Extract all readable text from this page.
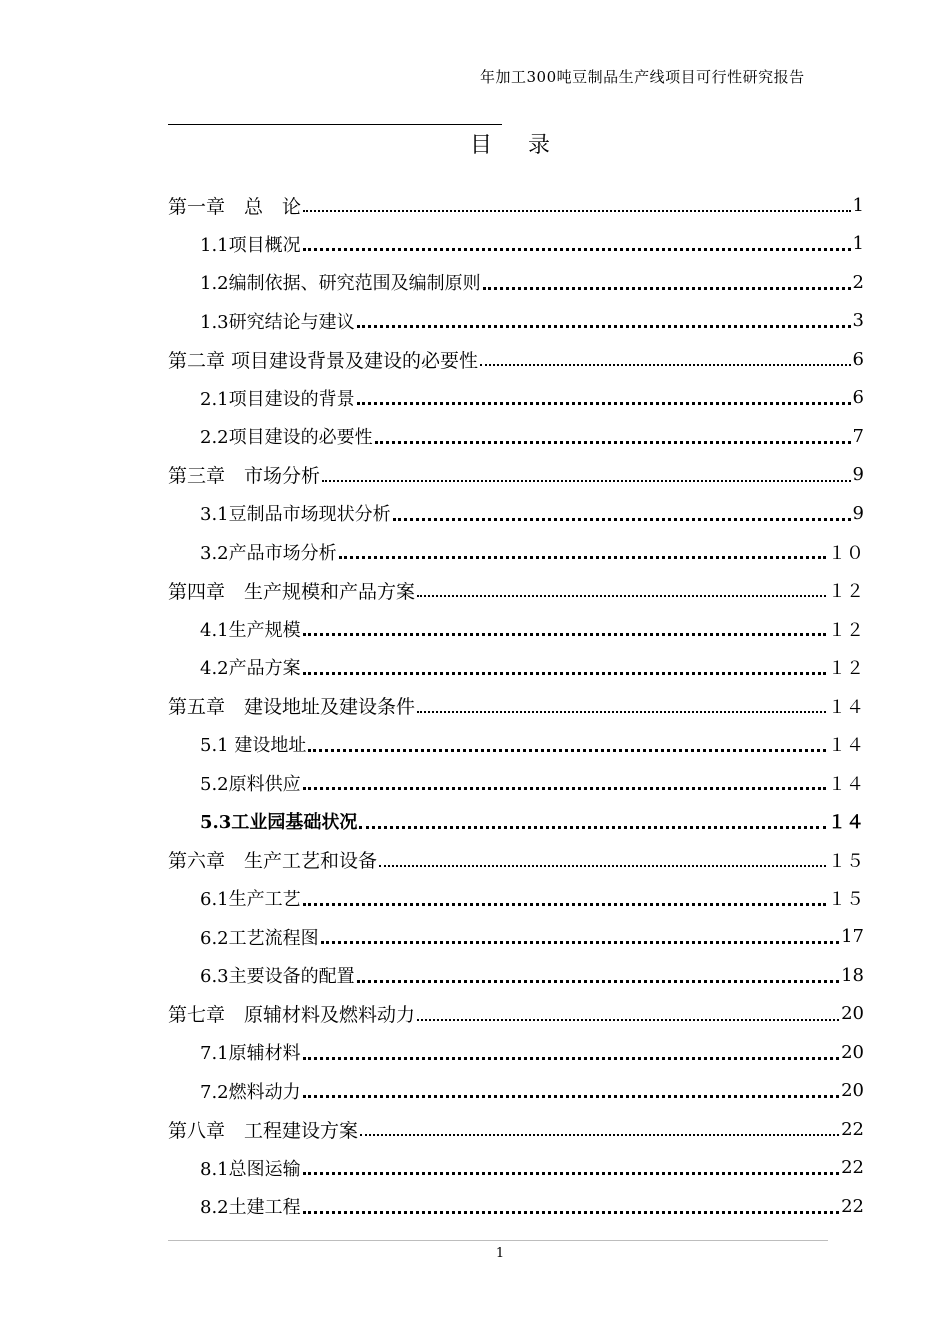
年加工300吨豆制品生产线项目可行性研究报告
目录
第一章　总　论	1
1.1项目概况	1
1.2编制依据、研究范围及编制原则	2
1.3研究结论与建议	3
第二章 项目建设背景及建设的必要性	6
2.1项目建设的背景	6
2.2项目建设的必要性	7
第三章　市场分析	9
3.1豆制品市场现状分析	9
3.2产品市场分析	１０
第四章　生产规模和产品方案	１２
4.1生产规模	１２
4.2产品方案	１２
第五章　建设地址及建设条件	１４
5.1 建设地址	１４
5.2原料供应	１４
5.3工业园基础状况	１４
第六章　生产工艺和设备	１５
6.1生产工艺	１５
6.2工艺流程图	17
6.3主要设备的配置	18
第七章　原辅材料及燃料动力	20
7.1原辅材料	20
7.2燃料动力	20
第八章　工程建设方案	22
8.1总图运输	22
8.2土建工程	22
1
